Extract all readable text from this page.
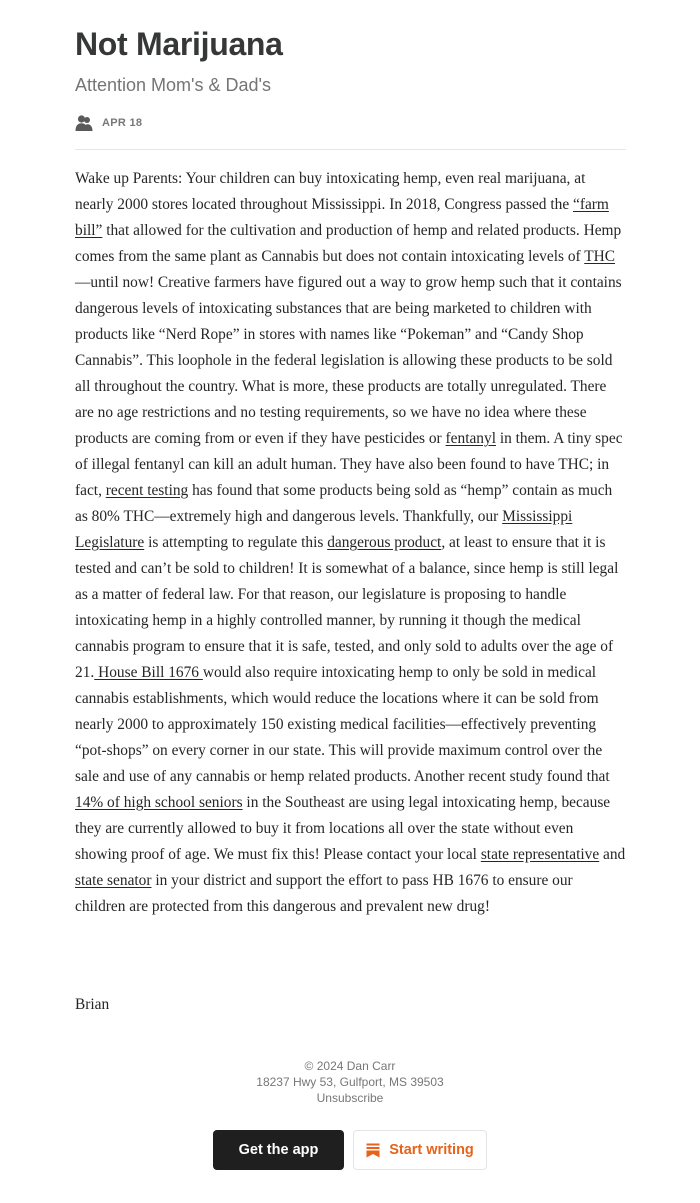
Not Marijuana
Attention Mom's & Dad's
APR 18

Wake up Parents: Your children can buy intoxicating hemp, even real marijuana, at nearly 2000 stores located throughout Mississippi. In 2018, Congress passed the “farm bill” that allowed for the cultivation and production of hemp and related products. Hemp comes from the same plant as Cannabis but does not contain intoxicating levels of THC—until now! Creative farmers have figured out a way to grow hemp such that it contains dangerous levels of intoxicating substances that are being marketed to children with products like “Nerd Rope” in stores with names like “Pokeman” and “Candy Shop Cannabis”. This loophole in the federal legislation is allowing these products to be sold all throughout the country. What is more, these products are totally unregulated. There are no age restrictions and no testing requirements, so we have no idea where these products are coming from or even if they have pesticides or fentanyl in them. A tiny spec of illegal fentanyl can kill an adult human. They have also been found to have THC; in fact, recent testing has found that some products being sold as “hemp” contain as much as 80% THC—extremely high and dangerous levels. Thankfully, our Mississippi Legislature is attempting to regulate this dangerous product, at least to ensure that it is tested and can’t be sold to children! It is somewhat of a balance, since hemp is still legal as a matter of federal law. For that reason, our legislature is proposing to handle intoxicating hemp in a highly controlled manner, by running it though the medical cannabis program to ensure that it is safe, tested, and only sold to adults over the age of 21. House Bill 1676 would also require intoxicating hemp to only be sold in medical cannabis establishments, which would reduce the locations where it can be sold from nearly 2000 to approximately 150 existing medical facilities—effectively preventing “pot-shops” on every corner in our state. This will provide maximum control over the sale and use of any cannabis or hemp related products. Another recent study found that 14% of high school seniors in the Southeast are using legal intoxicating hemp, because they are currently allowed to buy it from locations all over the state without even showing proof of age. We must fix this! Please contact your local state representative and state senator in your district and support the effort to pass HB 1676 to ensure our children are protected from this dangerous and prevalent new drug!

Brian

© 2024 Dan Carr
18237 Hwy 53, Gulfport, MS 39503
Unsubscribe
Get the app	Start writing
